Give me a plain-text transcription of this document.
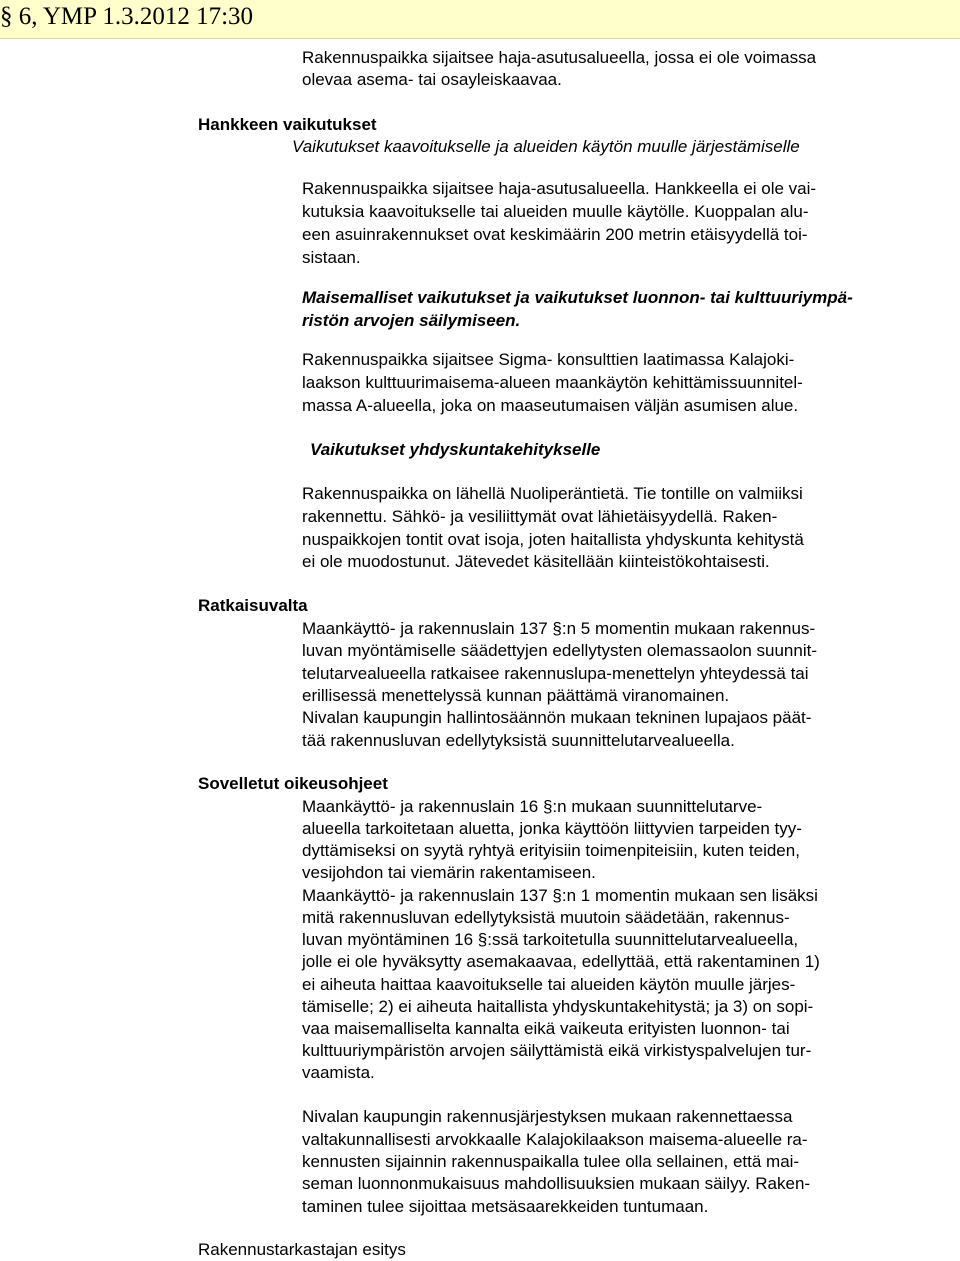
§ 6, YMP 1.3.2012 17:30
Rakennuspaikka sijaitsee haja-asutusalueella, jossa ei ole voimassa
olevaa asema- tai osayleiskaavaa.
Hankkeen vaikutukset
Vaikutukset kaavoitukselle ja alueiden käytön muulle järjestämiselle
Rakennuspaikka sijaitsee haja-asutusalueella. Hankkeella ei ole vai-
kutuksia kaavoitukselle tai alueiden muulle käytölle. Kuoppalan alu-
een asuinrakennukset ovat keskimäärin 200 metrin etäisyydellä toi-
sistaan.
Maisemalliset vaikutukset ja vaikutukset luonnon- tai kulttuuriympä-
ristön arvojen säilymiseen.
Rakennuspaikka sijaitsee Sigma- konsulttien laatimassa Kalajoki-
laakson kulttuurimaisema-alueen maankäytön kehittämissuunnitel-
massa A-alueella, joka on maaseutumaisen väljän asumisen alue.
Vaikutukset yhdyskuntakehitykselle
Rakennuspaikka on lähellä Nuoliperäntietä. Tie tontille on valmiiksi
rakennettu. Sähkö- ja vesiliittymät ovat lähietäisyydellä. Raken-
nuspaikkojen tontit ovat isoja, joten haitallista yhdyskunta kehitystä
ei ole muodostunut. Jätevedet käsitellään kiinteistökohtaisesti.
Ratkaisuvalta
Maankäyttö- ja rakennuslain 137 §:n 5 momentin mukaan rakennus-
luvan myöntämiselle säädettyjen edellytysten olemassaolon suunnit-
telutarvealueella ratkaisee rakennuslupa-menettelyn yhteydessä tai
erillisessä menettelyssä kunnan päättämä viranomainen.
Nivalan kaupungin hallintosäännön mukaan tekninen lupajaos päät-
tää rakennusluvan edellytyksistä suunnittelutarvealueella.
Sovelletut oikeusohjeet
Maankäyttö- ja rakennuslain 16 §:n mukaan suunnittelutarve-
alueella tarkoitetaan aluetta, jonka käyttöön liittyvien tarpeiden tyy-
dyttämiseksi on syytä ryhtyä erityisiin toimenpiteisiin, kuten teiden,
vesijohdon tai viemärin rakentamiseen.
Maankäyttö- ja rakennuslain 137 §:n 1 momentin mukaan sen lisäksi
mitä rakennusluvan edellytyksistä muutoin säädetään, rakennus-
luvan myöntäminen 16 §:ssä tarkoitetulla suunnittelutarvealueella,
jolle ei ole hyväksytty asemakaavaa, edellyttää, että rakentaminen 1)
ei aiheuta haittaa kaavoitukselle tai alueiden käytön muulle järjes-
tämiselle; 2) ei aiheuta haitallista yhdyskuntakehitystä; ja 3) on sopi-
vaa maisemalliselta kannalta eikä vaikeuta erityisten luonnon- tai
kulttuuriympäristön arvojen säilyttämistä eikä virkistyspalvelujen tur-
vaamista.
Nivalan kaupungin rakennusjärjestyksen mukaan rakennettaessa
valtakunnallisesti arvokkaalle Kalajokilaakson maisema-alueelle ra-
kennusten sijainnin rakennuspaikalla tulee olla sellainen, että mai-
seman luonnonmukaisuus mahdollisuuksien mukaan säilyy. Raken-
taminen tulee sijoittaa metsäsaarekkeiden tuntumaan.
Rakennustarkastajan esitys
